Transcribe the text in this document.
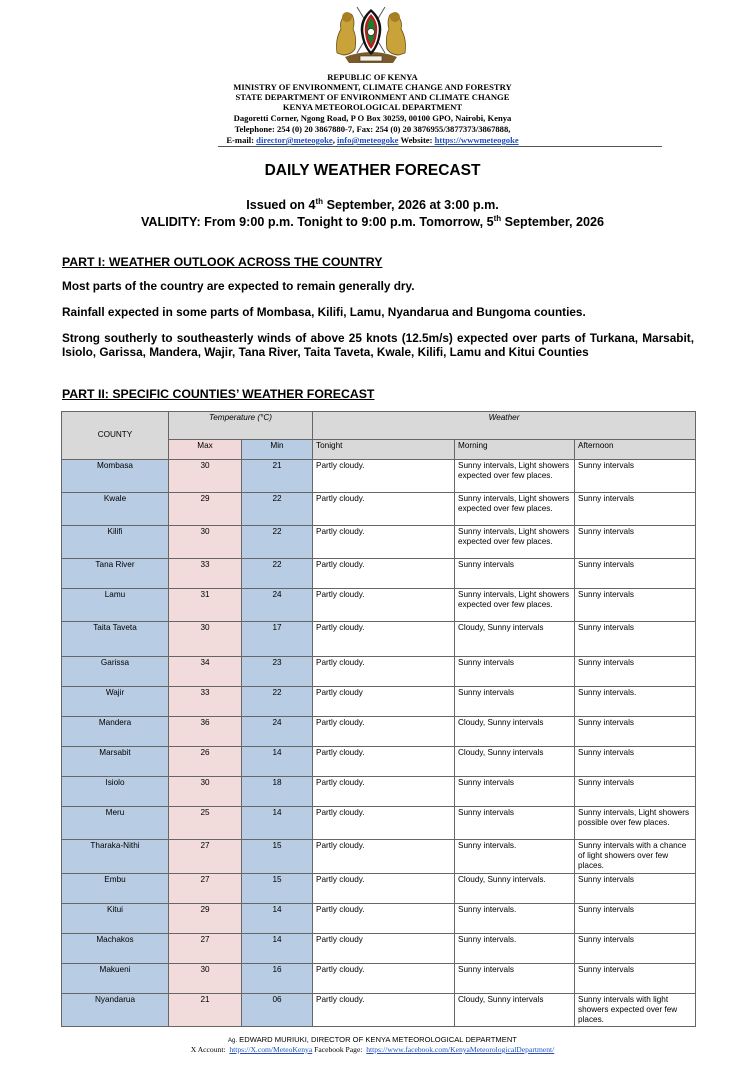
REPUBLIC OF KENYA
MINISTRY OF ENVIRONMENT, CLIMATE CHANGE AND FORESTRY
STATE DEPARTMENT OF ENVIRONMENT AND CLIMATE CHANGE
KENYA METEOROLOGICAL DEPARTMENT
Dagoretti Corner, Ngong Road, P O Box 30259, 00100 GPO, Nairobi, Kenya
Telephone: 254 (0) 20 3867880-7, Fax: 254 (0) 20 3876955/3877373/3867888,
E-mail: director@meteogoke, info@meteogoke Website: https://wwwmeteogoke
DAILY WEATHER FORECAST
Issued on 4th September, 2026 at 3:00 p.m.
VALIDITY: From 9:00 p.m. Tonight to 9:00 p.m. Tomorrow, 5th September, 2026
PART I: WEATHER OUTLOOK ACROSS THE COUNTRY
Most parts of the country are expected to remain generally dry.
Rainfall expected in some parts of Mombasa, Kilifi, Lamu, Nyandarua and Bungoma counties.
Strong southerly to southeasterly winds of above 25 knots (12.5m/s) expected over parts of Turkana, Marsabit, Isiolo, Garissa, Mandera, Wajir, Tana River, Taita Taveta, Kwale, Kilifi, Lamu and Kitui Counties
PART II: SPECIFIC COUNTIES’ WEATHER FORECAST
COUNTY	Temperature (°C)		Weather		
	Max	Min	Tonight	Morning	Afternoon
Mombasa	30	21	Partly cloudy.	Sunny intervals, Light showers expected over few places.	Sunny intervals
Kwale	29	22	Partly cloudy.	Sunny intervals, Light showers expected over few places.	Sunny intervals
Kilifi	30	22	Partly cloudy.	Sunny intervals, Light showers expected over few places.	Sunny intervals
Tana River	33	22	Partly cloudy.	Sunny intervals	Sunny intervals
Lamu	31	24	Partly cloudy.	Sunny intervals, Light showers expected over few places.	Sunny intervals
Taita Taveta	30	17	Partly cloudy.	Cloudy, Sunny intervals	Sunny intervals
Garissa	34	23	Partly cloudy.	Sunny intervals	Sunny intervals
Wajir	33	22	Partly cloudy	Sunny intervals	Sunny intervals.
Mandera	36	24	Partly cloudy.	Cloudy, Sunny intervals	Sunny intervals
Marsabit	26	14	Partly cloudy.	Cloudy, Sunny intervals	Sunny intervals
Isiolo	30	18	Partly cloudy.	Sunny intervals	Sunny intervals
Meru	25	14	Partly cloudy.	Sunny intervals	Sunny intervals, Light showers possible over few places.
Tharaka-Nithi	27	15	Partly cloudy.	Sunny intervals.	Sunny intervals with a chance of light showers over few places.
Embu	27	15	Partly cloudy.	Cloudy, Sunny intervals.	Sunny intervals
Kitui	29	14	Partly cloudy.	Sunny intervals.	Sunny intervals
Machakos	27	14	Partly cloudy	Sunny intervals.	Sunny intervals
Makueni	30	16	Partly cloudy.	Sunny intervals	Sunny intervals
Nyandarua	21	06	Partly cloudy.	Cloudy, Sunny intervals	Sunny intervals with light showers expected over few places.
Ag. EDWARD MURIUKI, DIRECTOR OF KENYA METEOROLOGICAL DEPARTMENT
X Account: https://X.com/MeteoKenya Facebook Page: https://www.facebook.com/KenyaMeteorologicalDepartment/
